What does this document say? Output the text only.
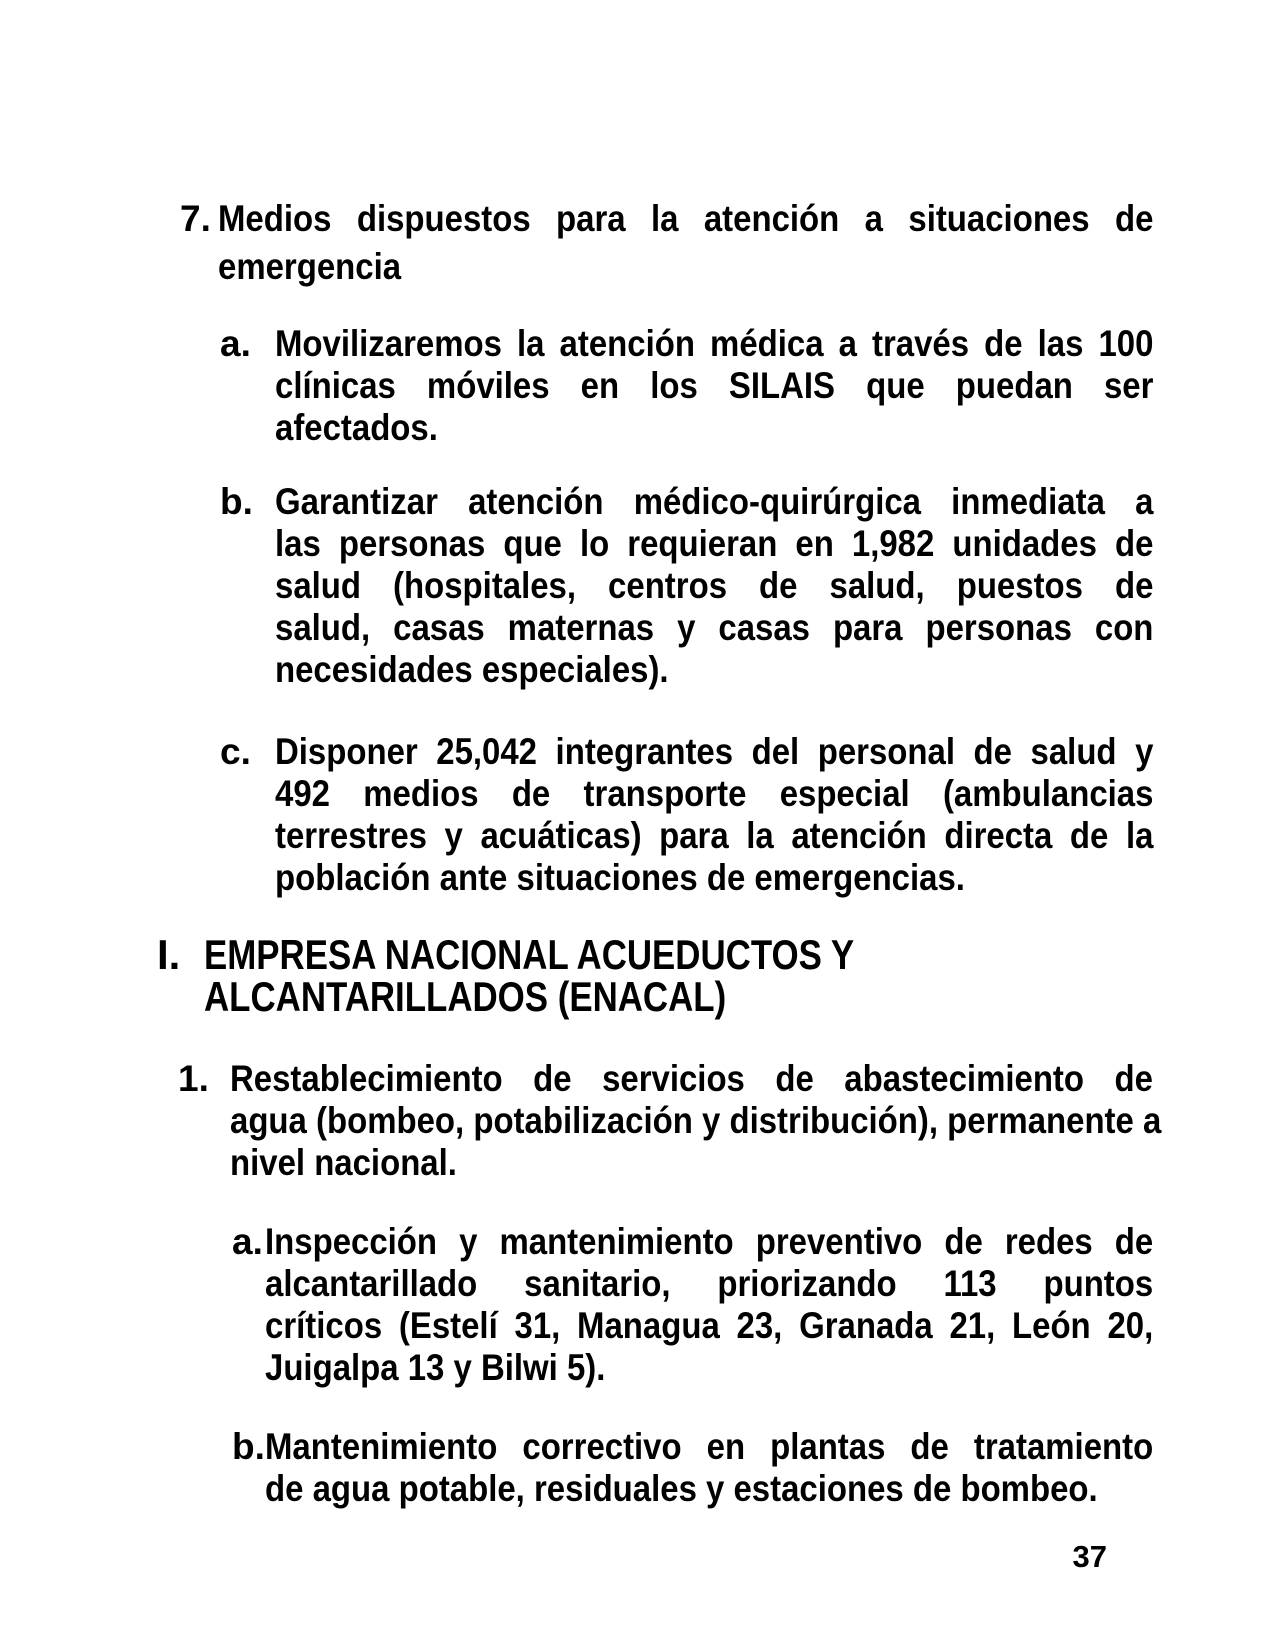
7. Medios dispuestos para la atención a situaciones de
emergencia
a. Movilizaremos la atención médica a través de las 100
clínicas móviles en los SILAIS que puedan ser
afectados.
b. Garantizar atención médico-quirúrgica inmediata a
las personas que lo requieran en 1,982 unidades de
salud (hospitales, centros de salud, puestos de
salud, casas maternas y casas para personas con
necesidades especiales).
c. Disponer 25,042 integrantes del personal de salud y
492 medios de transporte especial (ambulancias
terrestres y acuáticas) para la atención directa de la
población ante situaciones de emergencias.
I. EMPRESA NACIONAL ACUEDUCTOS Y
ALCANTARILLADOS (ENACAL)
1. Restablecimiento de servicios de abastecimiento de
agua (bombeo, potabilización y distribución), permanente a
nivel nacional.
a. Inspección y mantenimiento preventivo de redes de
alcantarillado sanitario, priorizando 113 puntos
críticos (Estelí 31, Managua 23, Granada 21, León 20,
Juigalpa 13 y Bilwi 5).
b. Mantenimiento correctivo en plantas de tratamiento
de agua potable, residuales y estaciones de bombeo.
37
